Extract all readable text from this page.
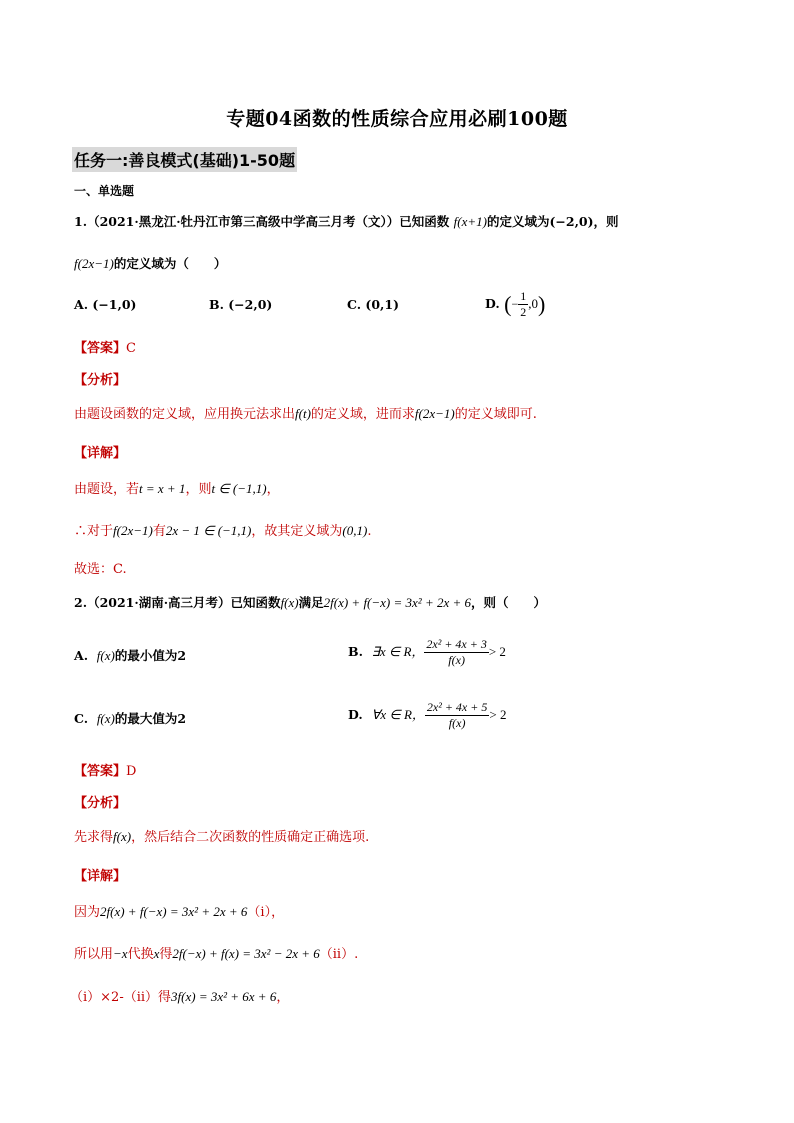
专题04函数的性质综合应用必刷100题
任务一:善良模式(基础)1-50题
一、单选题
1.（2021·黑龙江·牡丹江市第三高级中学高三月考（文））已知函数 f(x+1)的定义域为(−2,0)，则
f(2x−1)的定义域为（　　）
A. (−1,0)	B. (−2,0)	C. (0,1)	D. (− $\frac{1}{2} ,0$)
【答案】C
【分析】
由题设函数的定义域，应用换元法求出f(t)的定义域，进而求f(2x−1)的定义域即可.
【详解】
由题设，若t = x + 1，则t ∈ (−1,1)，
∴对于f(2x−1)有2x − 1 ∈ (−1,1)，故其定义域为(0,1).
故选：C.
2.（2021·湖南·高三月考）已知函数f(x)满足2f(x) + f(−x) = 3x² + 2x + 6，则（　　）
A. f(x)的最小值为2	B. ∃x ∈ R， $\frac{\text{2x² + 4x + 3}}{f(x)} > 2$
C. f(x)的最大值为2	D. ∀x ∈ R， $\frac{\text{2x² + 4x + 5}}{f(x)} > 2$
【答案】D
【分析】
先求得f(x)，然后结合二次函数的性质确定正确选项.
【详解】
因为2f(x) + f(−x) = 3x² + 2x + 6（i），
所以用−x代换x得2f(−x) + f(x) = 3x² − 2x + 6（ii）.
（i）×2-（ii）得3f(x) = 3x² + 6x + 6，
